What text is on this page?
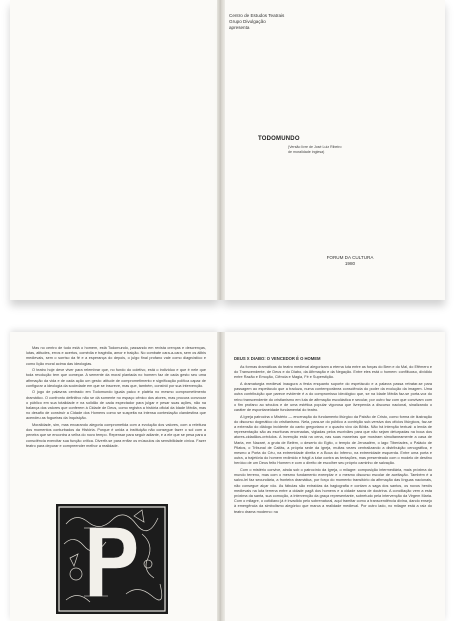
Centro de Estudos Teatrais
Grupo Divulgação
apresenta
TODOMUNDO
(Versão livre de José Luiz Ribeiro
de moralidade inglesa)
FORUM DA CULTURA
1980

Mas no centro de tudo está o homem, está Todomundo, passando em revista crenças e descrenças, lutas, atitudes, erros e acertos, comédia e tragédia, amor e traição. No combate cara-a-cara, sem os álibis medievais, sem o sorriso da fé e a esperança do depois, o julgo final profano vale como diagnóstico e como lição moral acima das ideologias.

O teatro hoje deve viver para relembrar que, no fundo do coletivo, está o indivíduo e que é nele que toda revolução tem que começar. A semente da moral plantada no homem faz de cada gesto seu uma afirmação da vida e de cada ação um gesto: atitude de comprometimento e significação política capaz de configurar a ideologia da sociedade em que se inscreve, mas que, também, constrói por sua intervenção.

O jogo de palavras centrado em Todomundo iguala palco e platéia no mesmo comprometimento dramático. O confronto definitivo não se dá somente no espaço cênico dos atores, mas procura convocar o público em sua totalidade e na solidão de cada espectador para julgar e pesar suas ações, não na balança dos valores que conferem à Cidade de Deus, como registra a história oficial da Idade Média, mas no desafio de construir a Cidade dos Homens como se suspeita na intensa contestação clandestina que acendeu as fogueiras da Inquisição.

Moralidade, sim, mas encarando alegoria comprometida com a evolução dos valores, com a releitura dos momentos conturbados da História. Porque é unida a instituição não consegue fazer o sol com a peneira que se encontra a velha do novo tempo. Repensar para seguir adiante, e a ele que se pesa para a consciência exercitar sua função crítica. Divertir-se para enfiar os músculos da sensibilidade cínica. Fazer teatro para depurar e compreender melhor a realidade.

DEUS X DIABO: O VENCEDOR É O HOMEM

As formas dramáticas do teatro medieval alegorizam a eterna luta entre as forças do Bem e do Mal, do Efêmero e do Transcendente, de Deus e do Diabo, da Afirmação e da Negação. Entre eles está o homem: conflituoso, dividido entre Razão e Emoção, Ciência e Magia, Fé e Superstição.

A dramaturgia medieval inaugura a festa enquanto suporte do espetáculo e a palavra passa retratar-se para passagem ao espetáculo que a traduza, numa contemporânea consciência do poder da evolução da imagem. Uma outra contribuição que parece evidente é a do compromisso ideológico que, se na Idade Média faz-se porta-voz do reino transcendente do cristianismo em luta de afirmação escolástica e secular, por outro faz com que convivam com o fim profano ao séculos e de uma estética popular vigorosa que livrependa a discurso nacional, sinalizando o caráter de espontaneidade fundamental do teatro.

A Igreja patrocina o Mistério — encenação do fundamento litúrgico da Paixão de Cristo, como forma de ilustração do discurso dogmático do cristianismo. Nela, para-se do público a contrição sub-versiva dos ofícios litúrgicos, faz-se a extensão do diálogo incidente do canto gregoriano e o quadro vivo da Bíblia. Não há intenção textual: a lenda de representação são as escrituras encenadas, vigiadas pelos escrivães para que não sejam deturpadas na boca dos atores-cidadãos-crédulos. A invenção está na cena, nas suas maneiras que mostram simultaneamente a casa de Maria, em Nazaré, a gruta de Belém, o deserto do Egito, o templo de Jerusalém, o lago Tiberíades, o Palácio de Pilatos, o Tribunal de Caifás, a própria sede da igreja, muitas vezes centralizando a distribuição cenográfica, e mesmo a Porta do Céu, na extremidade direita e a Boca do Inferno, na extremidade esquerda. Entre uma porta e outra, a trajetória do homem redimido e frágil a lutar contra as tentações, mas presenteado com o modelo de destino heróico de um Deus feito Homem e com o direito de escolher seu próprio caminho de salvação.

Com o mistério convive, ainda sob o patrocínio da Igreja, o milagre: composição intermediária, mais próxima do mundo terreno, mas com o mesmo fundamento exemplar e o mesmo discurso escolar de aceitação. Também é a salvo-lei faz secundária, a fronteira dramática, por forço do momento transitório da afirmação das línguas nacionais, não consegue alçar vôo. As fábulas são extraídas da hagiografia e contam a saga dos santos, os novos heróis medievais na luta terrena entre a cidade pagã dos homens e a cidade sacra de doutrina. A conciliação vem a esta próxima da santa, sua comoção, a intervenção da graça representante, sobretudo pela intervenção da Virgem Maria. Com o milagre, o cotidiano já é invadido pelo sobrenatural, aqui tramitar como a transcendência divina, dando ensejo à emergência da simbolismo alegórico que marca a realidade medieval. Por outro lado, no milagre está a raiz do teatro drama moderno: na
